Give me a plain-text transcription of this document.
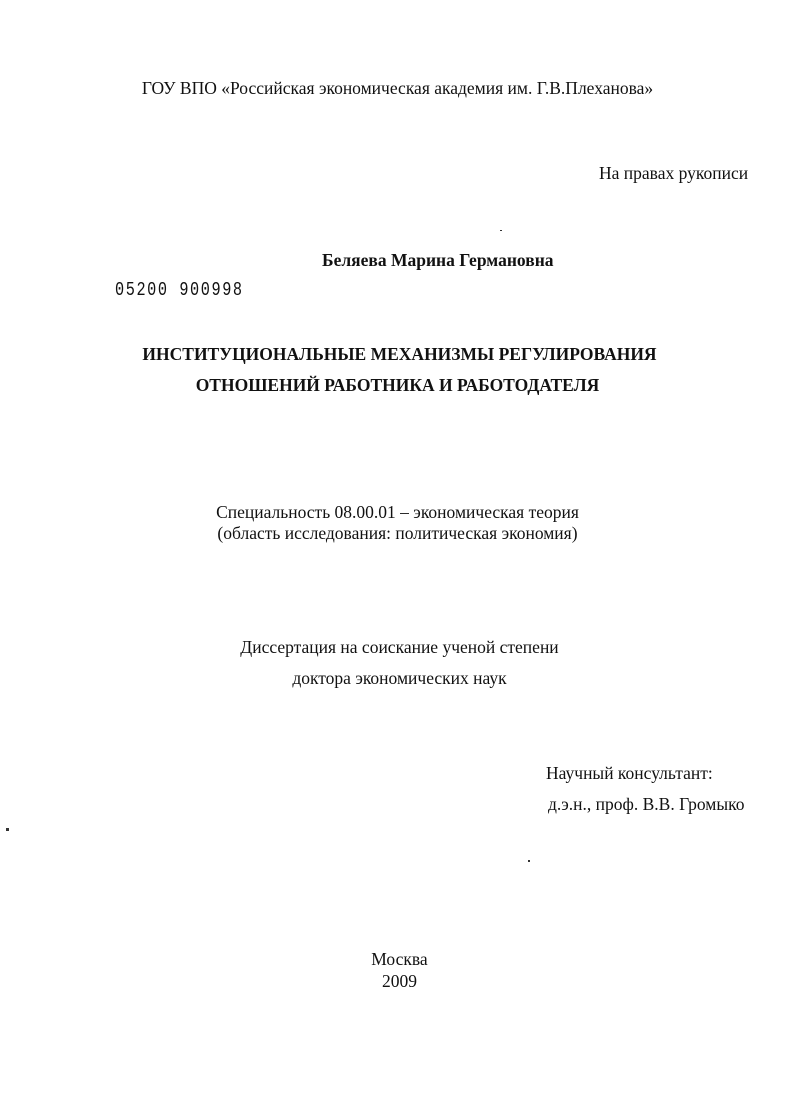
ГОУ ВПО «Российская экономическая академия им. Г.В.Плеханова»
На правах рукописи
Беляева Марина Германовна
05200 900998
ИНСТИТУЦИОНАЛЬНЫЕ МЕХАНИЗМЫ РЕГУЛИРОВАНИЯ
ОТНОШЕНИЙ РАБОТНИКА И РАБОТОДАТЕЛЯ
Специальность 08.00.01 – экономическая теория
(область исследования: политическая экономия)
Диссертация на соискание ученой степени
доктора экономических наук
Научный консультант:
д.э.н., проф. В.В. Громыко
Москва
2009
